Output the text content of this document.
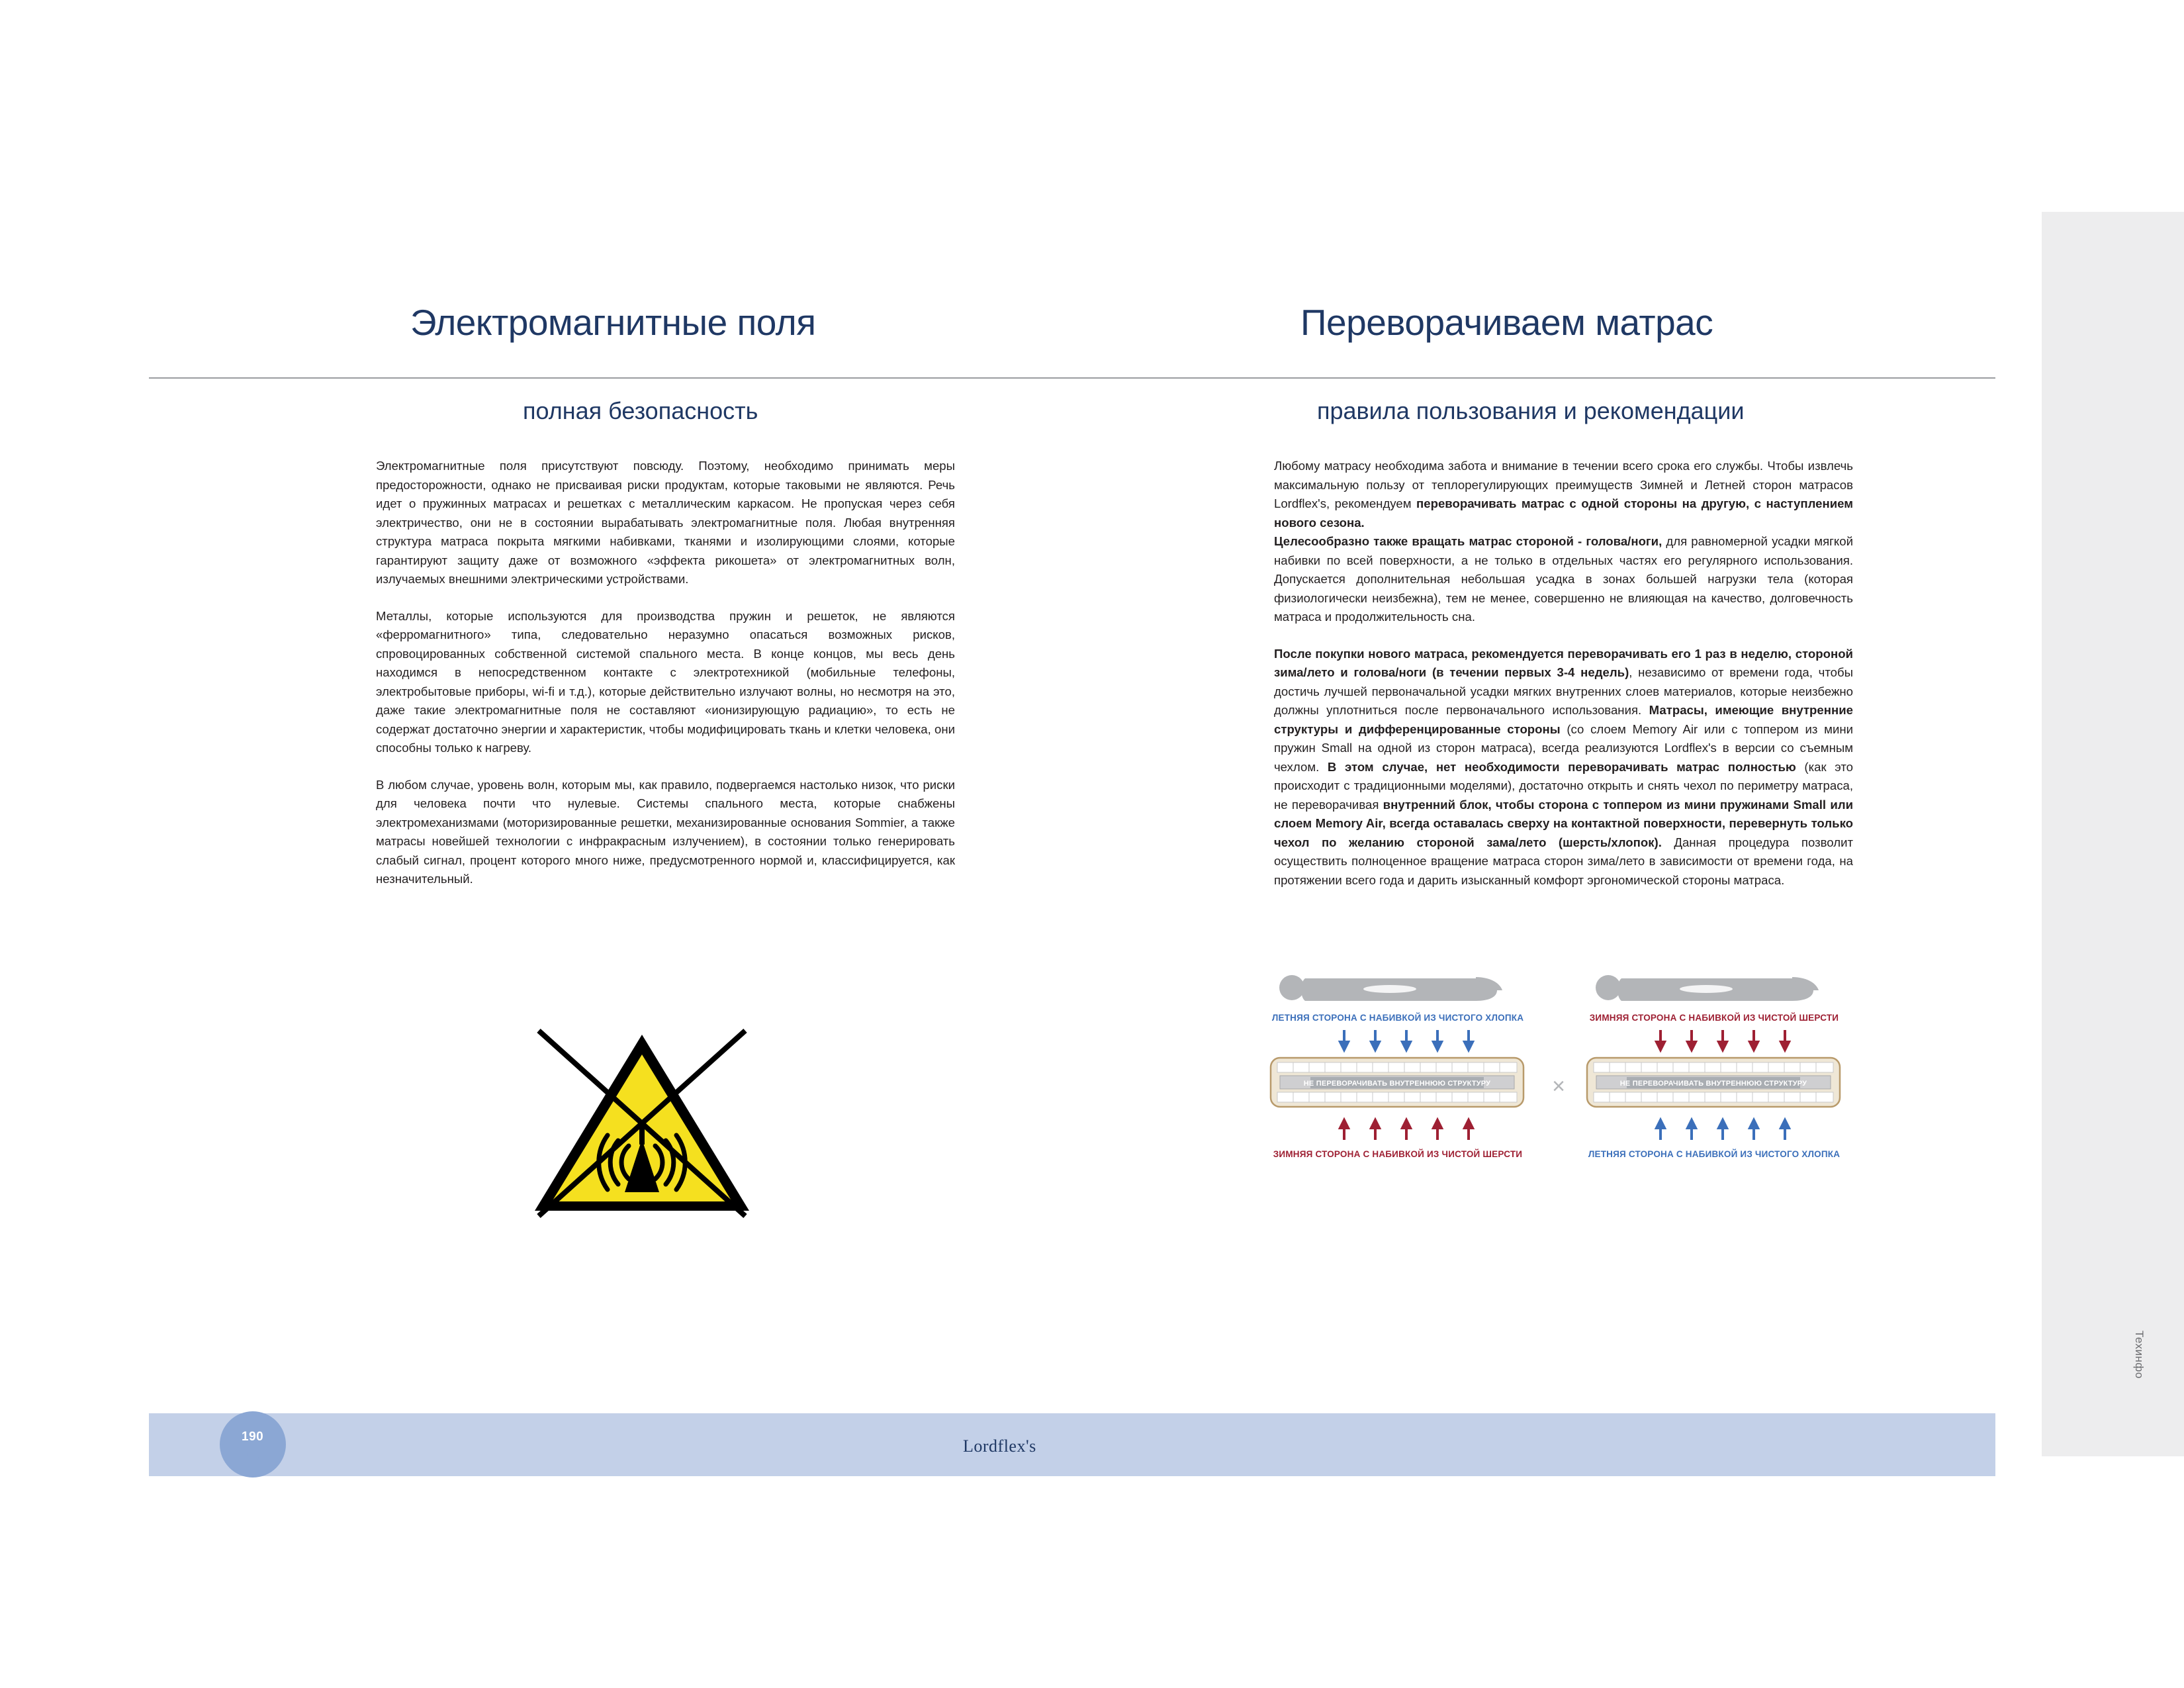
Техинфо
Электромагнитные поля	Переворачиваем матрас
полная безопасность	правила пользования и рекомендации

Электромагнитные поля присутствуют повсюду. Поэтому, необходимо принимать меры предосторожности, однако не присваивая риски продуктам, которые таковыми не являются. Речь идет о пружинных матрасах и решетках с металлическим каркасом. Не пропуская через себя электричество, они не в состоянии вырабатывать электромагнитные поля. Любая внутренняя структура матраса покрыта мягкими набивками, тканями и изолирующими слоями, которые гарантируют защиту даже от возможного «эффекта рикошета» от электромагнитных волн, излучаемых внешними электрическими устройствами.

Металлы, которые используются для производства пружин и решеток, не являются «ферромагнитного» типа, следовательно неразумно опасаться возможных рисков, спровоцированных собственной системой спального места. В конце концов, мы весь день находимся в непосредственном контакте с электротехникой (мобильные телефоны, электробытовые приборы, wi-fi и т.д.), которые действительно излучают волны, но несмотря на это, даже такие электромагнитные поля не составляют «ионизирующую радиацию», то есть не содержат достаточно энергии и характеристик, чтобы модифицировать ткань и клетки человека, они способны только к нагреву.

В любом случае, уровень волн, которым мы, как правило, подвергаемся настолько низок, что риски для человека почти что нулевые. Системы спального места, которые снабжены электромеханизмами (моторизированные решетки, механизированные основания Sommier, а также матрасы новейшей технологии с инфракрасным излучением), в состоянии только генерировать слабый сигнал, процент которого много ниже, предусмотренного нормой и, классифицируется, как незначительный.

Любому матрасу необходима забота и внимание в течении всего срока его службы. Чтобы извлечь максимальную пользу от теплорегулирующих преимуществ Зимней и Летней сторон матрасов Lordflex's, рекомендуем переворачивать матрас с одной стороны на другую, с наступлением нового сезона.

Целесообразно также вращать матрас стороной - голова/ноги, для равномерной усадки мягкой набивки по всей поверхности, а не только в отдельных частях его регулярного использования. Допускается дополнительная небольшая усадка в зонах большей нагрузки тела (которая физиологически неизбежна), тем не менее, совершенно не влияющая на качество, долговечность матраса и продолжительность сна.

После покупки нового матраса, рекомендуется переворачивать его 1 раз в неделю, стороной зима/лето и голова/ноги (в течении первых 3-4 недель), независимо от времени года, чтобы достичь лучшей первоначальной усадки мягких внутренних слоев материалов, которые неизбежно должны уплотниться после первоначального использования. Матрасы, имеющие внутренние структуры и дифференцированные стороны (со слоем Memory Air или с топпером из мини пружин Small на одной из сторон матраса), всегда реализуются Lordflex's в версии со съемным чехлом. В этом случае, нет необходимости переворачивать матрас полностью (как это происходит с традиционными моделями), достаточно открыть и снять чехол по периметру матраса, не переворачивая внутренний блок, чтобы сторона с топпером из мини пружинами Small или слоем Memory Air, всегда оставалась сверху на контактной поверхности, перевернуть только чехол по желанию стороной зама/лето (шерсть/хлопок). Данная процедура позволит осуществить полноценное вращение матраса сторон зима/лето в зависимости от времени года, на протяжении всего года и дарить изысканный комфорт эргономической стороны матраса.

ЛЕТНЯЯ СТОРОНА С НАБИВКОЙ ИЗ ЧИСТОГО ХЛОПКА
НЕ ПЕРЕВОРАЧИВАТЬ ВНУТРЕННЮЮ СТРУКТУРУ
ЗИМНЯЯ СТОРОНА С НАБИВКОЙ ИЗ ЧИСТОЙ ШЕРСТИ
×
ЗИМНЯЯ СТОРОНА С НАБИВКОЙ ИЗ ЧИСТОЙ ШЕРСТИ
НЕ ПЕРЕВОРАЧИВАТЬ ВНУТРЕННЮЮ СТРУКТУРУ
ЛЕТНЯЯ СТОРОНА С НАБИВКОЙ ИЗ ЧИСТОГО ХЛОПКА
190	Lordflex's
